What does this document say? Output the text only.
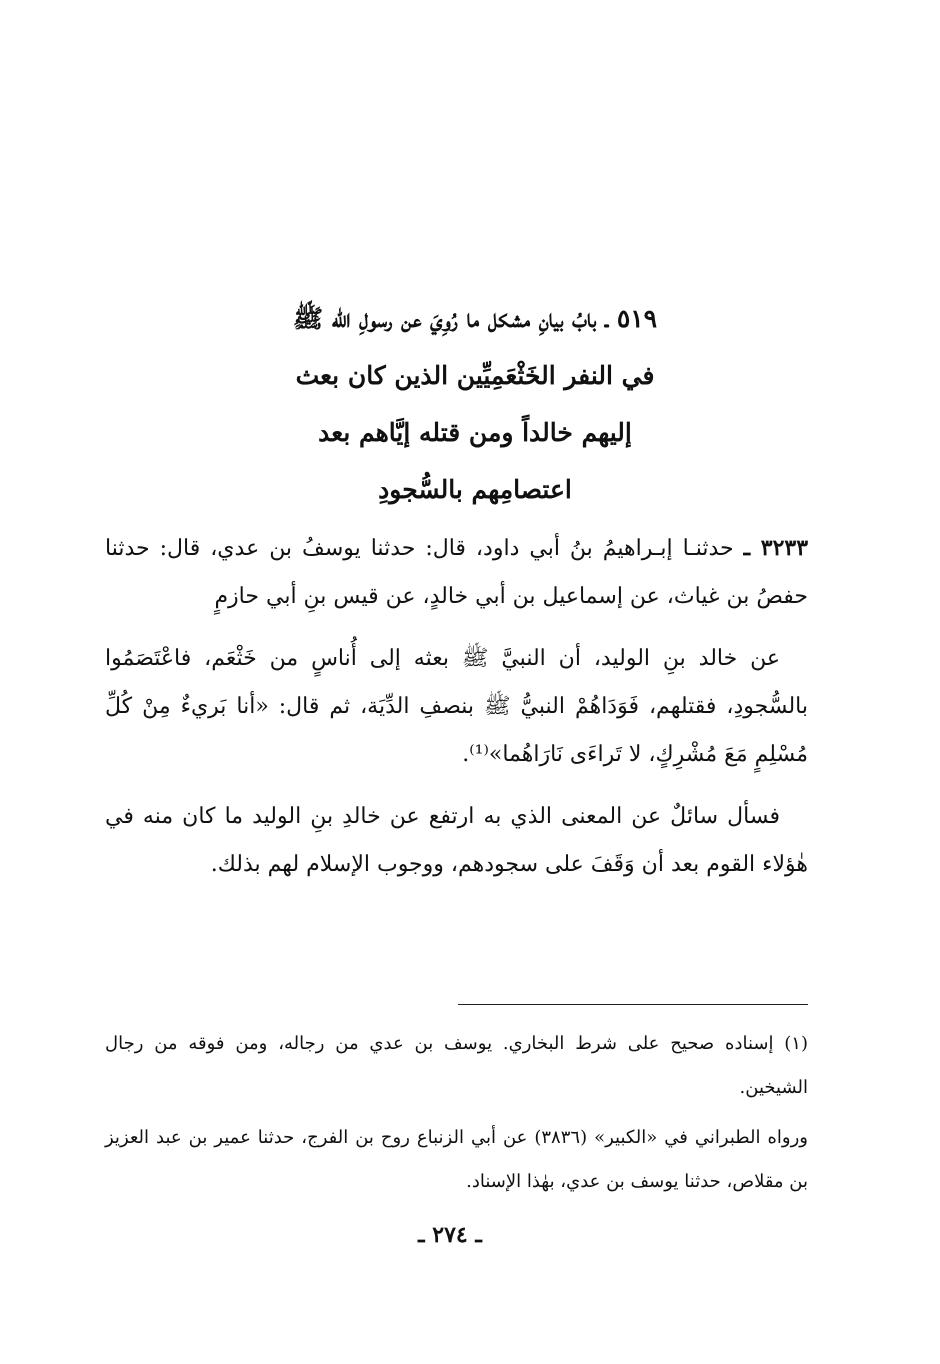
٥١٩ ـ بابُ بيانِ مشكل ما رُوِيَ عن رسولِ الله ﷺ
في النفر الخَثْعَمِيِّين الذين كان بعث
إليهم خالداً ومن قتله إيَّاهم بعد
اعتصامِهم بالسُّجودِ

٣٢٣٣ ـ حدثنـا إبـراهيمُ بنُ أبي داود، قال: حدثنا يوسفُ بن عدي، قال: حدثنا حفصُ بن غياث، عن إسماعيل بن أبي خالدٍ، عن قيس بنِ أبي حازمٍ

عن خالد بنِ الوليد، أن النبيَّ ﷺ بعثه إلى أُناسٍ من خَثْعَم، فاعْتَصَمُوا بالسُّجودِ، فقتلهم، فَوَدَاهُمْ النبيُّ ﷺ بنصفِ الدِّيَة، ثم قال: «أنا بَريءٌ مِنْ كُلِّ مُسْلِمٍ مَعَ مُشْرِكٍ، لا تَراءَى نَارَاهُما»⁽¹⁾.

فسأل سائلٌ عن المعنى الذي به ارتفع عن خالدِ بنِ الوليد ما كان منه في هٰؤلاء القوم بعد أن وَقَفَ على سجودهم، ووجوب الإسلام لهم بذلك.

(١) إسناده صحيح على شرط البخاري. يوسف بن عدي من رجاله، ومن فوقه من رجال الشيخين.

ورواه الطبراني في «الكبير» (٣٨٣٦) عن أبي الزنباع روح بن الفرج، حدثنا عمير بن عبد العزيز بن مقلاص، حدثنا يوسف بن عدي، بهٰذا الإسناد.

ـ ٢٧٤ ـ
